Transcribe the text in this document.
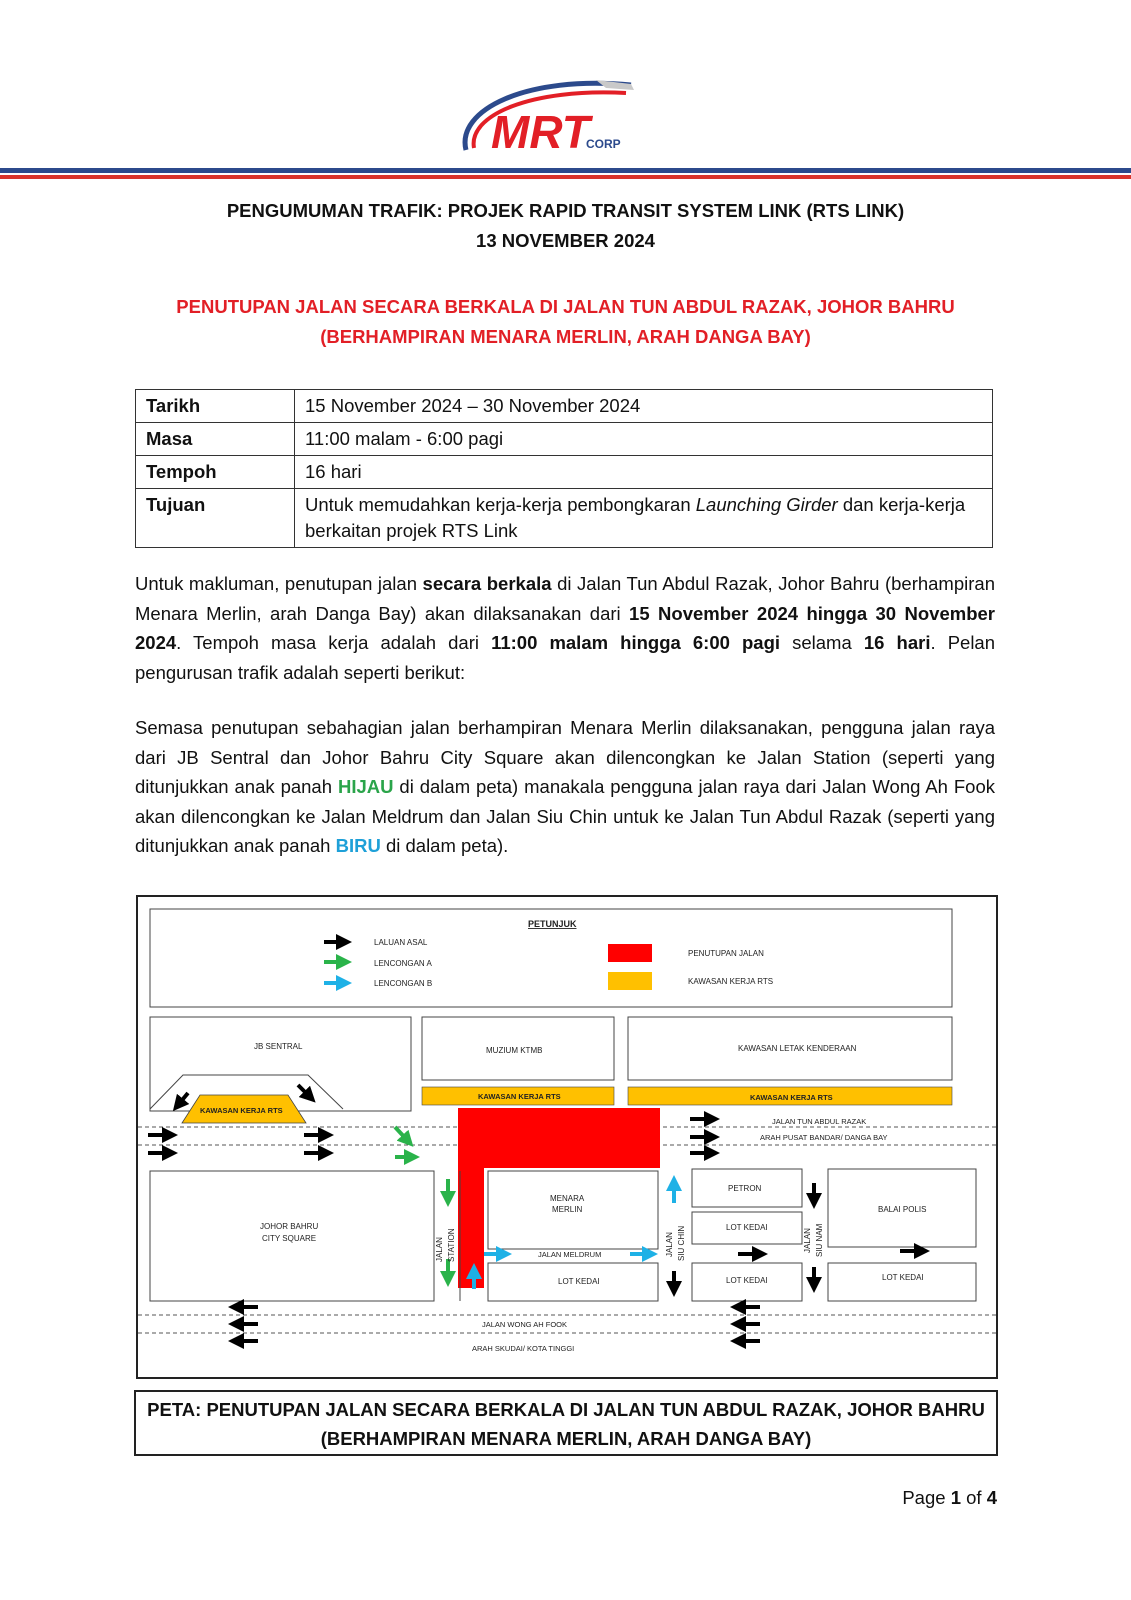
MRT
CORP
PENGUMUMAN TRAFIK: PROJEK RAPID TRANSIT SYSTEM LINK (RTS LINK)
13 NOVEMBER 2024
PENUTUPAN JALAN SECARA BERKALA DI JALAN TUN ABDUL RAZAK, JOHOR BAHRU
(BERHAMPIRAN MENARA MERLIN, ARAH DANGA BAY)
Tarikh	15 November 2024 – 30 November 2024
Masa	11:00 malam - 6:00 pagi
Tempoh	16 hari
Tujuan	Untuk memudahkan kerja-kerja pembongkaran Launching Girder dan kerja-kerja berkaitan projek RTS Link
Untuk makluman, penutupan jalan secara berkala di Jalan Tun Abdul Razak, Johor Bahru (berhampiran Menara Merlin, arah Danga Bay) akan dilaksanakan dari 15 November 2024 hingga 30 November 2024. Tempoh masa kerja adalah dari 11:00 malam hingga 6:00 pagi selama 16 hari. Pelan pengurusan trafik adalah seperti berikut:
Semasa penutupan sebahagian jalan berhampiran Menara Merlin dilaksanakan, pengguna jalan raya dari JB Sentral dan Johor Bahru City Square akan dilencongkan ke Jalan Station (seperti yang ditunjukkan anak panah HIJAU di dalam peta) manakala pengguna jalan raya dari Jalan Wong Ah Fook akan dilencongkan ke Jalan Meldrum dan Jalan Siu Chin untuk ke Jalan Tun Abdul Razak (seperti yang ditunjukkan anak panah BIRU di dalam peta).
PETUNJUK
LALUAN ASAL
LENCONGAN A
LENCONGAN B
PENUTUPAN JALAN
KAWASAN KERJA RTS
JB SENTRAL
KAWASAN KERJA RTS
MUZIUM KTMB	KAWASAN LETAK KENDERAAN
KAWASAN KERJA RTS	KAWASAN KERJA RTS
JALAN TUN ABDUL RAZAK
ARAH PUSAT BANDAR/ DANGA BAY
JOHOR BAHRU
CITY SQUARE	JALAN STATION
MENARA
MERLIN
JALAN MELDRUM
LOT KEDAI
JALAN SIU CHIN
PETRON
LOT KEDAI
LOT KEDAI
JALAN SIU NAM
BALAI POLIS
LOT KEDAI
JALAN WONG AH FOOK
ARAH SKUDAI/ KOTA TINGGI
PETA: PENUTUPAN JALAN SECARA BERKALA DI JALAN TUN ABDUL RAZAK, JOHOR BAHRU
(BERHAMPIRAN MENARA MERLIN, ARAH DANGA BAY)
Page 1 of 4
